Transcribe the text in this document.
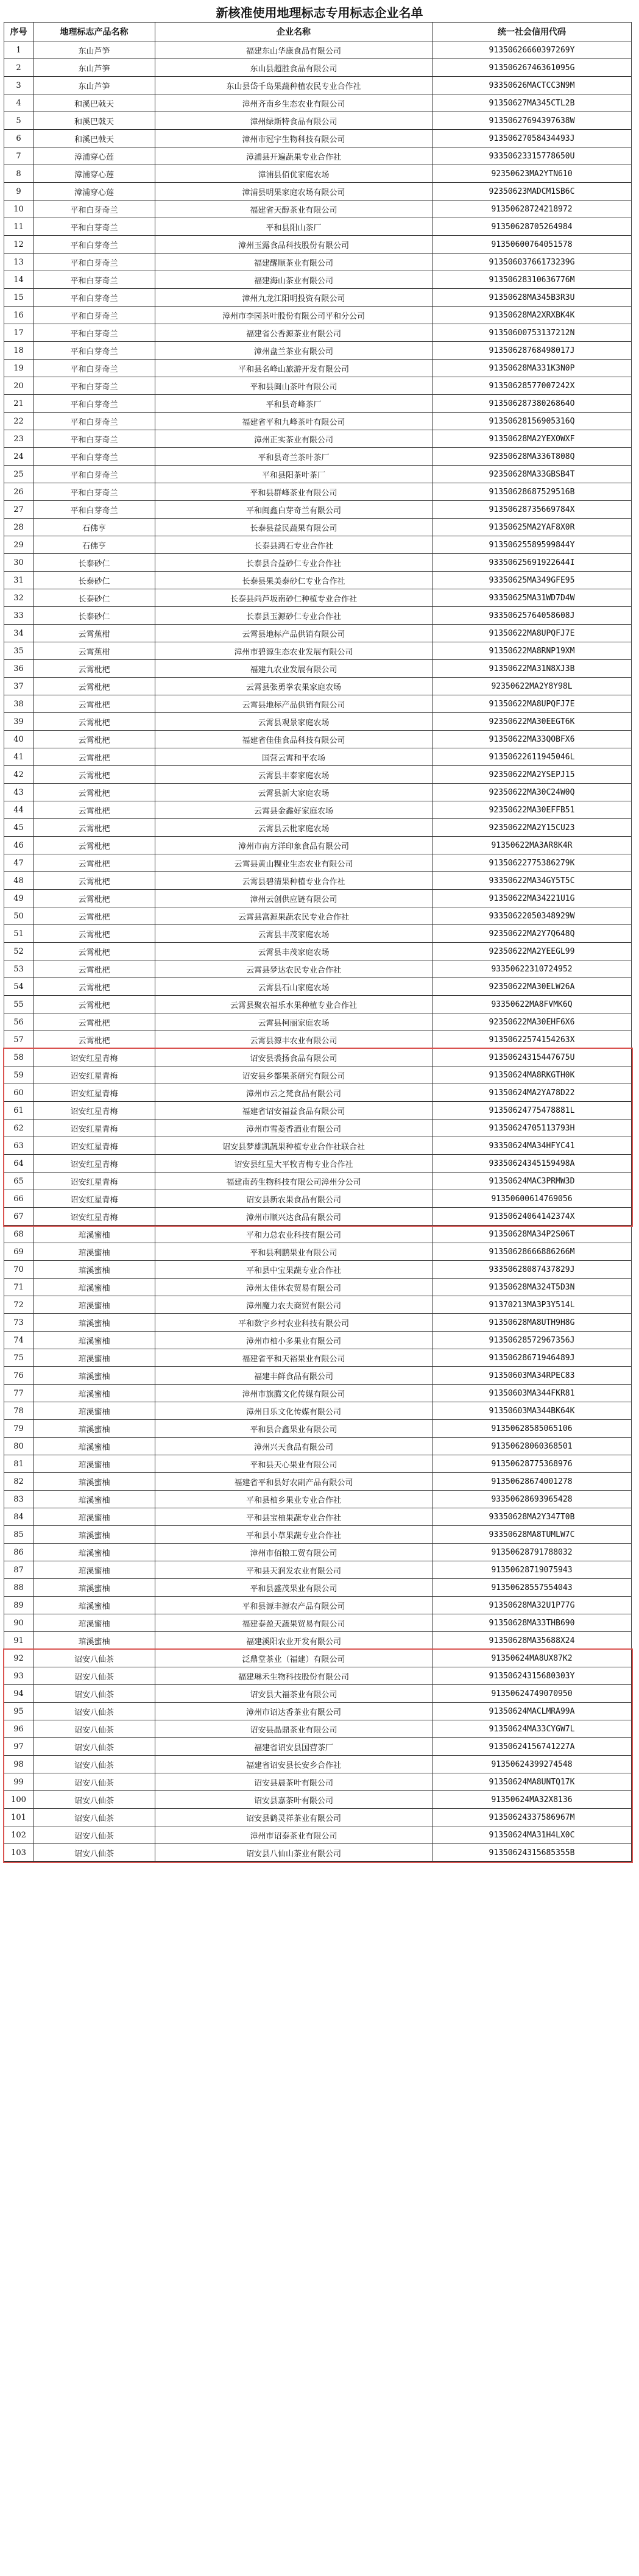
新核准使用地理标志专用标志企业名单
序号	地理标志产品名称	企业名称	统一社会信用代码
1	东山芦笋	福建东山华康食品有限公司	91350626660397269Y
2	东山芦笋	东山县超胜食品有限公司	91350626746361095G
3	东山芦笋	东山县岱千岛果蔬种植农民专业合作社	93350626MACTCC3N9M
4	和溪巴戟天	漳州齐南乡生态农业有限公司	91350627MA345CTL2B
5	和溪巴戟天	漳州绿斯特食品有限公司	91350627694397638W
6	和溪巴戟天	漳州市冠宇生物科技有限公司	91350627058434493J
7	漳浦穿心莲	漳浦县开遍蔬果专业合作社	93350623315778650U
8	漳浦穿心莲	漳浦县佰优家庭农场	92350623MA2YTN610
9	漳浦穿心莲	漳浦县明果家庭农场有限公司	92350623MADCM1SB6C
10	平和白芽奇兰	福建省天醇茶业有限公司	91350628724218972
11	平和白芽奇兰	平和县阳山茶厂	91350628705264984
12	平和白芽奇兰	漳州玉露食品科技股份有限公司	91350600764051578
13	平和白芽奇兰	福建醒顺茶业有限公司	91350603766173239G
14	平和白芽奇兰	福建海山茶业有限公司	91350628310636776M
15	平和白芽奇兰	漳州九龙江阳明投资有限公司	91350628MA345B3R3U
16	平和白芽奇兰	漳州市李园茶叶股份有限公司平和分公司	91350628MA2XRXBK4K
17	平和白芽奇兰	福建省公香源茶业有限公司	91350600753137212N
18	平和白芽奇兰	漳州盘兰茶业有限公司	91350628768498017J
19	平和白芽奇兰	平和县名峰山旅游开发有限公司	91350628MA331K3N0P
20	平和白芽奇兰	平和县闽山茶叶有限公司	91350628577007242X
21	平和白芽奇兰	平和县奇峰茶厂	91350628738026864O
22	平和白芽奇兰	福建省平和九峰茶叶有限公司	91350628156905316Q
23	平和白芽奇兰	漳州正实茶业有限公司	91350628MA2YEXOWXF
24	平和白芽奇兰	平和县奇兰茶叶茶厂	92350628MA336T808Q
25	平和白芽奇兰	平和县阳茶叶茶厂	92350628MA33GBSB4T
26	平和白芽奇兰	平和县群峰茶业有限公司	91350628687529516B
27	平和白芽奇兰	平和闽鑫白芽奇兰有限公司	91350628735669784X
28	石佛亨	长泰县益民蔬果有限公司	91350625MA2YAF8X0R
29	石佛亨	长泰县鸿石专业合作社	91350625589599844Y
30	长泰砂仁	长泰县合益砂仁专业合作社	93350625691922644I
31	长泰砂仁	长泰县果美泰砂仁专业合作社	93350625MA349GFE95
32	长泰砂仁	长泰县尚芦坂南砂仁种植专业合作社	93350625MA31WD7D4W
33	长泰砂仁	长泰县玉源砂仁专业合作社	93350625764058608J
34	云霄蕉柑	云霄县地标产品供销有限公司	91350622MA8UPQFJ7E
35	云霄蕉柑	漳州市碧源生态农业发展有限公司	91350622MA8RNP19XM
36	云霄枇杷	福建九农业发展有限公司	91350622MA31N8XJ3B
37	云霄枇杷	云霄县张勇拳农果家庭农场	92350622MA2Y8Y98L
38	云霄枇杷	云霄县地标产品供销有限公司	91350622MA8UPQFJ7E
39	云霄枇杷	云霄县观景家庭农场	92350622MA30EEGT6K
40	云霄枇杷	福建省佳佳食品科技有限公司	91350622MA33QOBFX6
41	云霄枇杷	国营云霄和平农场	91350622611945046L
42	云霄枇杷	云霄县丰泰家庭农场	92350622MA2YSEPJ15
43	云霄枇杷	云霄县新大家庭农场	92350622MA30C24W0Q
44	云霄枇杷	云霄县金鑫好家庭农场	92350622MA30EFFB51
45	云霄枇杷	云霄县云枇家庭农场	92350622MA2Y15CU23
46	云霄枇杷	漳州市南方洋印象食品有限公司	91350622MA3AR8K4R
47	云霄枇杷	云霄县黄山粿业生态农业有限公司	91350622775386279K
48	云霄枇杷	云霄县碧清果种植专业合作社	93350622MA34GY5T5C
49	云霄枇杷	漳州云创供应链有限公司	91350622MA34221U1G
50	云霄枇杷	云霄县富源果蔬农民专业合作社	93350622050348929W
51	云霄枇杷	云霄县丰茂家庭农场	92350622MA2Y7Q648Q
52	云霄枇杷	云霄县丰茂家庭农场	92350622MA2YEEGL99
53	云霄枇杷	云霄县梦达农民专业合作社	93350622310724952
54	云霄枇杷	云霄县石山家庭农场	92350622MA30ELW26A
55	云霄枇杷	云霄县聚农福乐水果种植专业合作社	93350622MA8FVMK6Q
56	云霄枇杷	云霄县柯丽家庭农场	92350622MA30EHF6X6
57	云霄枇杷	云霄县源丰农业有限公司	91350622574154263X
58	诏安红星青梅	诏安县裘扬食品有限公司	91350624315447675U
59	诏安红星青梅	诏安县乡都果茶研究有限公司	91350624MA8RKGTH0K
60	诏安红星青梅	漳州市云之梵食品有限公司	91350624MA2YA78D22
61	诏安红星青梅	福建省诏安福益食品有限公司	91350624775478881L
62	诏安红星青梅	漳州市雪菱香酒业有限公司	91350624705113793H
63	诏安红星青梅	诏安县梦雄凯蔬果种植专业合作社联合社	93350624MA34HFYC41
64	诏安红星青梅	诏安县红星大平牧青梅专业合作社	93350624345159498A
65	诏安红星青梅	福建南药生物科技有限公司漳州分公司	91350624MAC3PRMW3D
66	诏安红星青梅	诏安县新农果食品有限公司	91350600614769056
67	诏安红星青梅	漳州市顺兴达食品有限公司	91350624064142374X
68	琯溪蜜柚	平和力总农业科技有限公司	91350628MA34P2S06T
69	琯溪蜜柚	平和县利鹏果业有限公司	91350628666886266M
70	琯溪蜜柚	平和县中宝果蔬专业合作社	93350628087437829J
71	琯溪蜜柚	漳州太佳休农贸易有限公司	91350628MA324T5D3N
72	琯溪蜜柚	漳州魔力农夫商贸有限公司	91370213MA3P3Y514L
73	琯溪蜜柚	平和数字乡村农业科技有限公司	91350628MA8UTH9H8G
74	琯溪蜜柚	漳州市柚小多果业有限公司	91350628572967356J
75	琯溪蜜柚	福建省平和天裕果业有限公司	91350628671946489J
76	琯溪蜜柚	福建丰鲜食品有限公司	91350603MA34RPEC83
77	琯溪蜜柚	漳州市旗腾文化传媒有限公司	91350603MA344FKR81
78	琯溪蜜柚	漳州日乐文化传媒有限公司	91350603MA344BK64K
79	琯溪蜜柚	平和县合鑫果业有限公司	91350628585065106
80	琯溪蜜柚	漳州兴天食品有限公司	91350628060368501
81	琯溪蜜柚	平和县天心果业有限公司	91350628775368976
82	琯溪蜜柚	福建省平和县好农副产品有限公司	91350628674001278
83	琯溪蜜柚	平和县柚乡果业专业合作社	93350628693965428
84	琯溪蜜柚	平和县宝柚果蔬专业合作社	93350628MA2Y347T0B
85	琯溪蜜柚	平和县小草果蔬专业合作社	93350628MA8TUMLW7C
86	琯溪蜜柚	漳州市佰粮工贸有限公司	91350628791788032
87	琯溪蜜柚	平和县天润发农业有限公司	91350628719075943
88	琯溪蜜柚	平和县盛茂果业有限公司	91350628557554043
89	琯溪蜜柚	平和县源丰源农产品有限公司	91350628MA32U1P77G
90	琯溪蜜柚	福建泰盈天蔬果贸易有限公司	91350628MA33THB690
91	琯溪蜜柚	福建溪阳农业开发有限公司	91350628MA35688X24
92	诏安八仙茶	泛鼎堂茶业（福建）有限公司	91350624MA8UX87K2
93	诏安八仙茶	福建琳禾生物科技股份有限公司	91350624315680303Y
94	诏安八仙茶	诏安县大福茶业有限公司	91350624749070950
95	诏安八仙茶	漳州市诏达香茶业有限公司	91350624MACLMRA99A
96	诏安八仙茶	诏安县晶鼎茶业有限公司	91350624MA33CYGW7L
97	诏安八仙茶	福建省诏安县国营茶厂	91350624156741227A
98	诏安八仙茶	福建省诏安县长安乡合作社	91350624399274548
99	诏安八仙茶	诏安县晨茶叶有限公司	91350624MA8UNTQ17K
100	诏安八仙茶	诏安县嘉茶叶有限公司	91350624MA32X8136
101	诏安八仙茶	诏安县鹤灵祥茶业有限公司	91350624337586967M
102	诏安八仙茶	漳州市诏泰茶业有限公司	91350624MA31H4LX0C
103	诏安八仙茶	诏安县八仙山茶业有限公司	91350624315685355B
